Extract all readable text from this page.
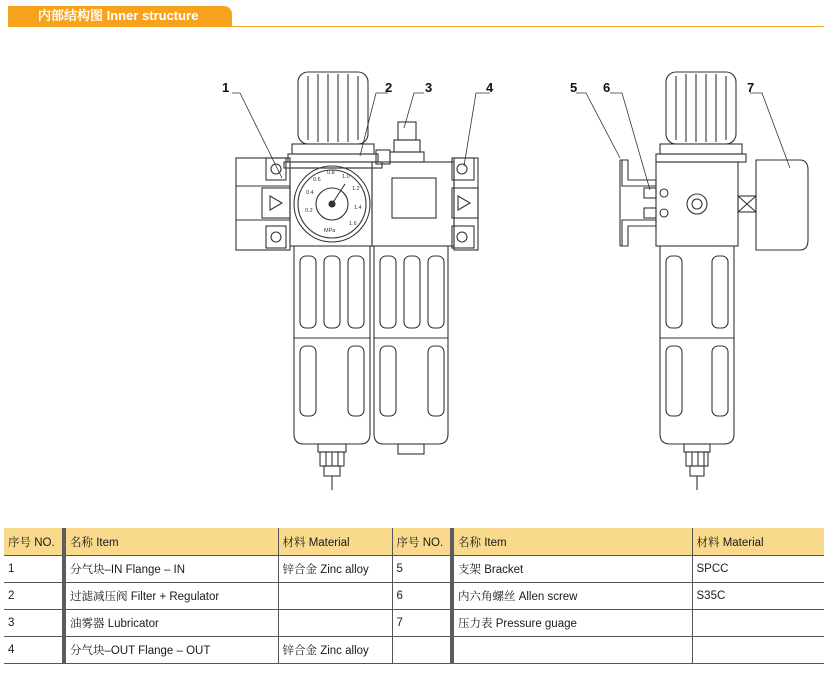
内部结构图 Inner structure
0.2
0.4
0.6
0.8
1.0
1.2
1.4
1.6
MPa
1	2	3	4	5 6	7
序号 NO.	名称 Item	材料 Material	序号 NO.	名称 Item	材料 Material
1	分气块–IN Flange – IN	锌合金 Zinc alloy	5	支架 Bracket	SPCC
2	过滤减压阀 Filter + Regulator		6	内六角螺丝 Allen screw	S35C
3	油雾器 Lubricator		7	压力表 Pressure guage	
4	分气块–OUT Flange – OUT	锌合金 Zinc alloy			
